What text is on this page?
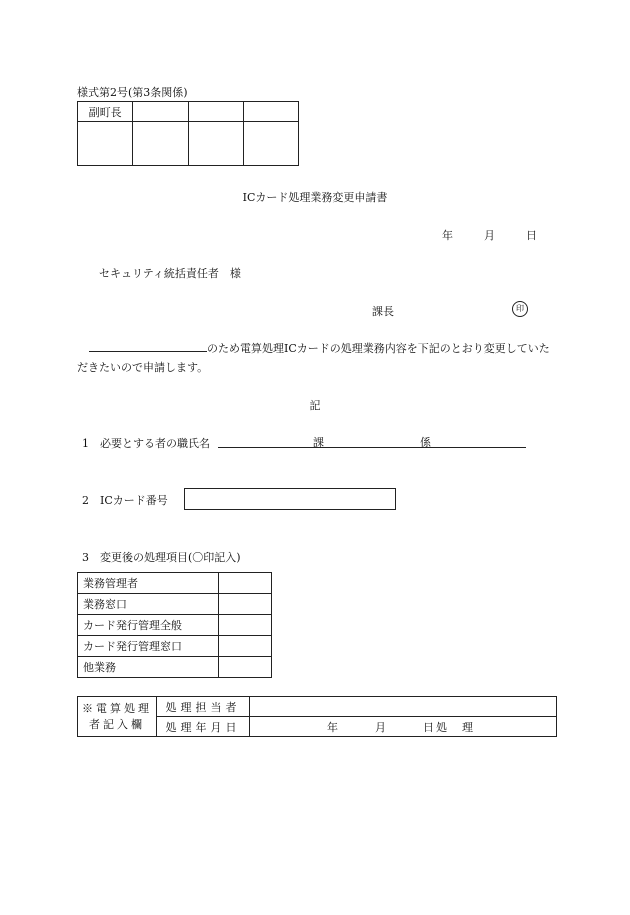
様式第2号(第3条関係)
副町長			

ICカード処理業務変更申請書
年	月	日
セキュリティ統括責任者　様
課長	印
のため電算処理ICカードの処理業務内容を下記のとおり変更していただきたいので申請します。
記
1　必要とする者の職氏名	課	係
2　ICカード番号
3　変更後の処理項目(〇印記入)
業務管理者	
業務窓口	
カード発行管理全般	
カード発行管理窓口	
他業務	
※電算処理
者記入欄	処理担当者	
	処理年月日	年 月 日処　理
